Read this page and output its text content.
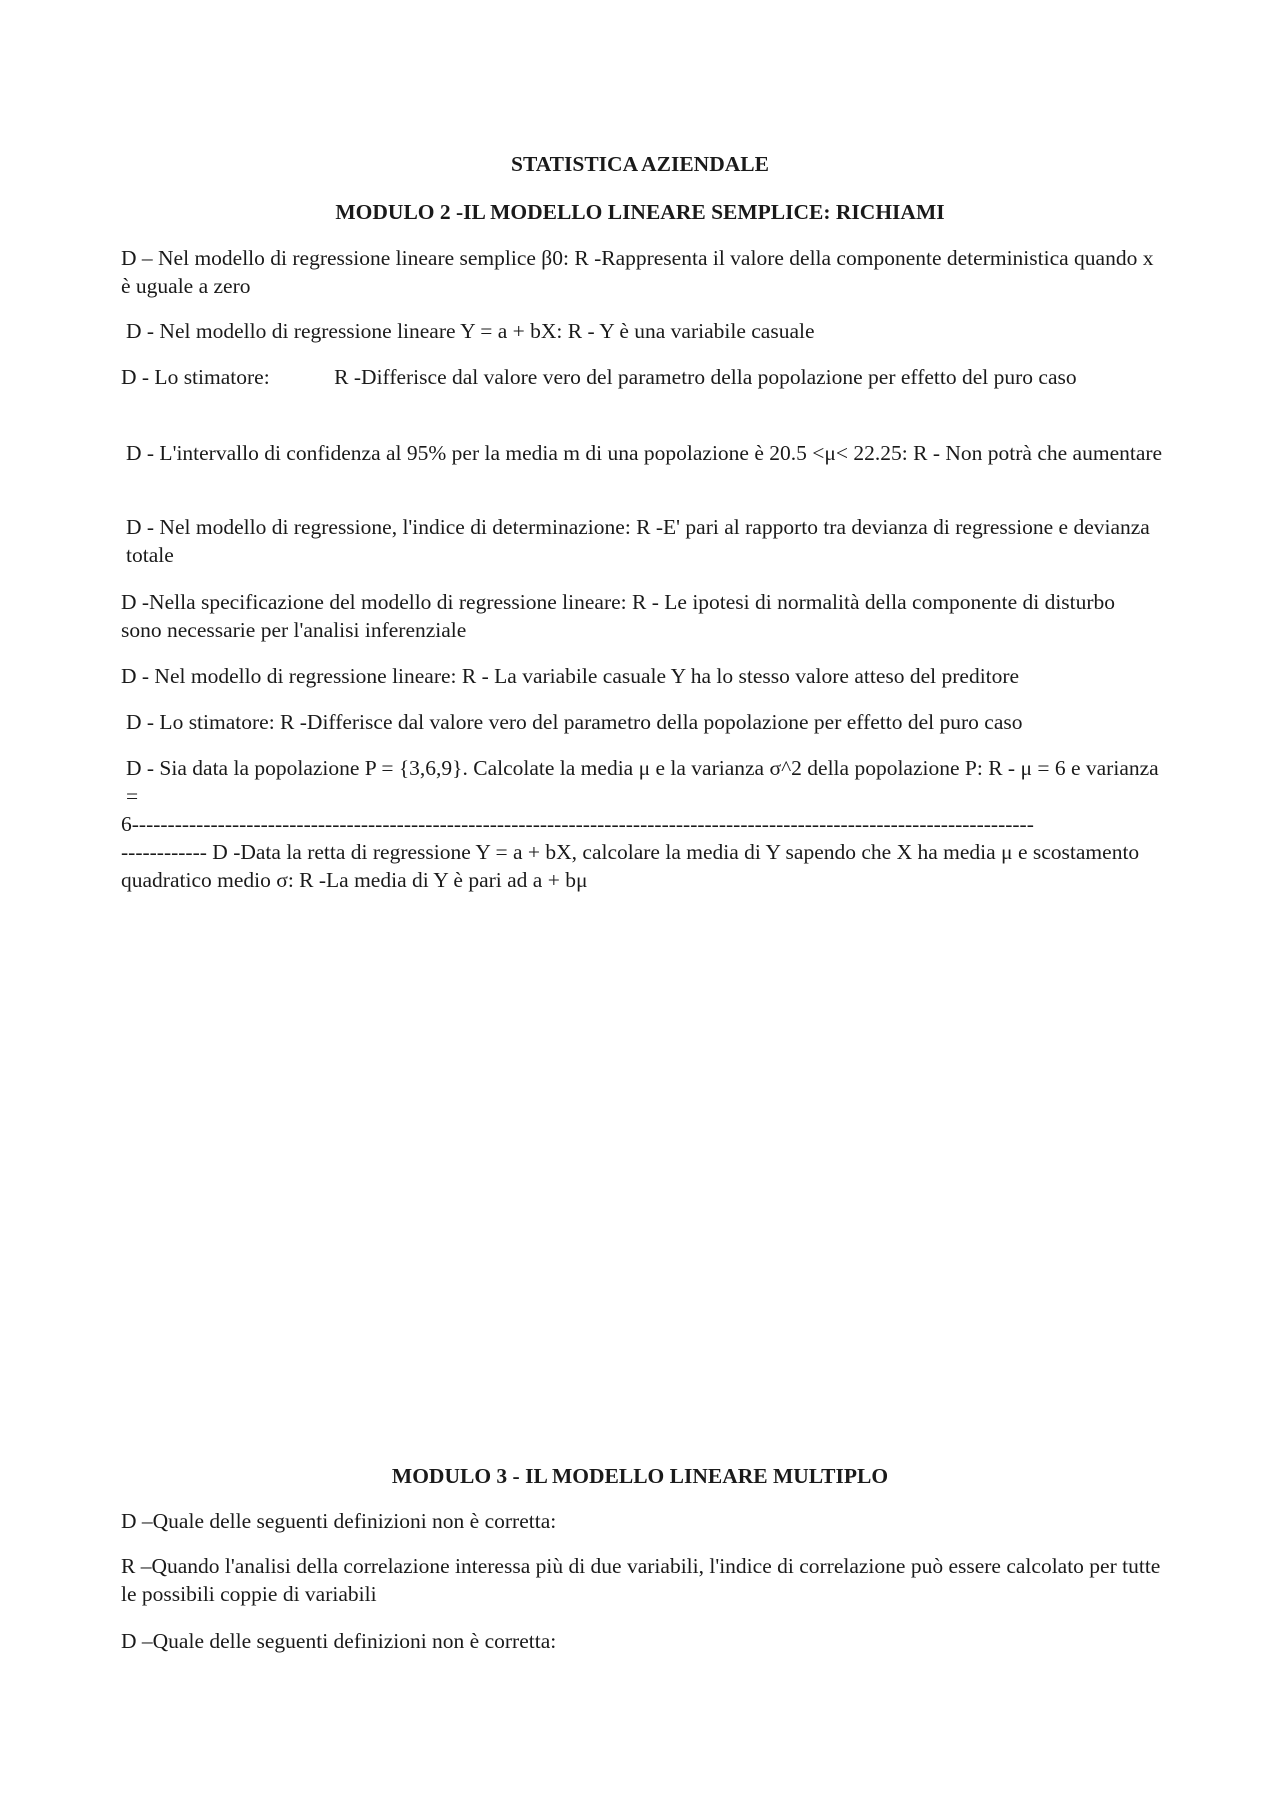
STATISTICA AZIENDALE
MODULO 2 -IL MODELLO LINEARE SEMPLICE: RICHIAMI
D – Nel modello di regressione lineare semplice β0: R -Rappresenta il valore della componente deterministica quando x è uguale a zero
D - Nel modello di regressione lineare Y = a + bX: R - Y è una variabile casuale
D - Lo stimatore:            R -Differisce dal valore vero del parametro della popolazione per effetto del puro caso
D - L'intervallo di confidenza al 95% per la media m di una popolazione è 20.5 <μ< 22.25: R - Non potrà che aumentare
D - Nel modello di regressione, l'indice di determinazione: R -E' pari al rapporto tra devianza di regressione e devianza totale
D -Nella specificazione del modello di regressione lineare: R - Le ipotesi di normalità della componente di disturbo sono necessarie per l'analisi inferenziale
D - Nel modello di regressione lineare: R - La variabile casuale Y ha lo stesso valore atteso del preditore
D - Lo stimatore: R -Differisce dal valore vero del parametro della popolazione per effetto del puro caso
D - Sia data la popolazione P = {3,6,9}. Calcolate la media μ e la varianza σ^2 della popolazione P: R - μ = 6 e varianza =
6------------------------------------------------------------------------------------------------------------------------------
------------ D -Data la retta di regressione Y = a + bX, calcolare la media di Y sapendo che X ha media μ e scostamento quadratico medio σ: R -La media di Y è pari ad a + bμ
MODULO 3 - IL MODELLO LINEARE MULTIPLO
D –Quale delle seguenti definizioni non è corretta:
R –Quando l'analisi della correlazione interessa più di due variabili, l'indice di correlazione può essere calcolato per tutte le possibili coppie di variabili
D –Quale delle seguenti definizioni non è corretta:
